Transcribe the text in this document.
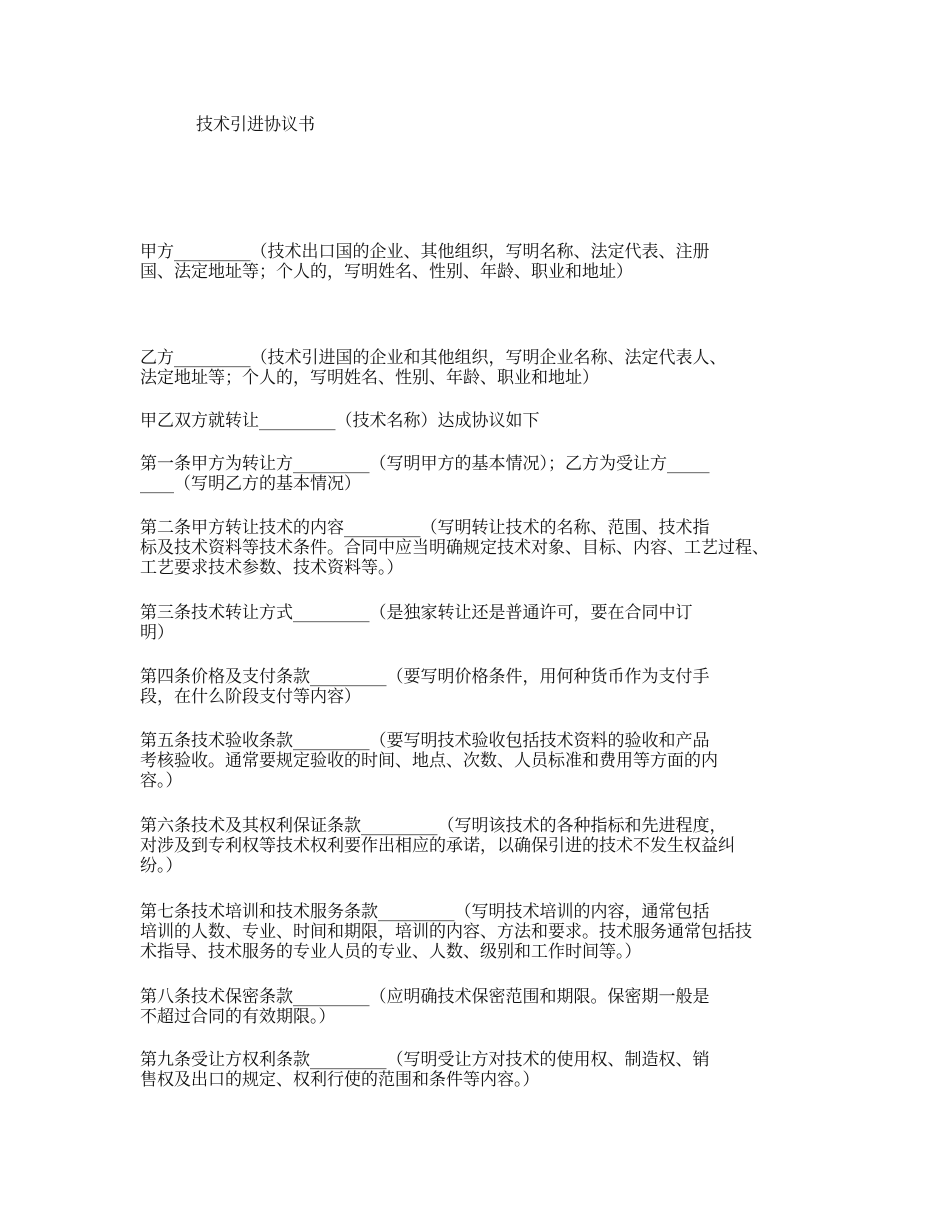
技术引进协议书

甲方_________（技术出口国的企业、其他组织，写明名称、法定代表、注册
国、法定地址等；个人的，写明姓名、性别、年龄、职业和地址）

乙方_________（技术引进国的企业和其他组织，写明企业名称、法定代表人、
法定地址等；个人的，写明姓名、性别、年龄、职业和地址）

甲乙双方就转让_________（技术名称）达成协议如下

第一条甲方为转让方_________（写明甲方的基本情况）；乙方为受让方_____
____（写明乙方的基本情况）

第二条甲方转让技术的内容_________（写明转让技术的名称、范围、技术指
标及技术资料等技术条件。合同中应当明确规定技术对象、目标、内容、工艺过程、
工艺要求技术参数、技术资料等。）

第三条技术转让方式_________（是独家转让还是普通许可，要在合同中订
明）

第四条价格及支付条款_________（要写明价格条件，用何种货币作为支付手
段，在什么阶段支付等内容）

第五条技术验收条款_________（要写明技术验收包括技术资料的验收和产品
考核验收。通常要规定验收的时间、地点、次数、人员标准和费用等方面的内
容。）

第六条技术及其权利保证条款_________（写明该技术的各种指标和先进程度，
对涉及到专利权等技术权利要作出相应的承诺，以确保引进的技术不发生权益纠
纷。）

第七条技术培训和技术服务条款_________（写明技术培训的内容，通常包括
培训的人数、专业、时间和期限，培训的内容、方法和要求。技术服务通常包括技
术指导、技术服务的专业人员的专业、人数、级别和工作时间等。）

第八条技术保密条款_________（应明确技术保密范围和期限。保密期一般是
不超过合同的有效期限。）

第九条受让方权利条款_________（写明受让方对技术的使用权、制造权、销
售权及出口的规定、权利行使的范围和条件等内容。）
